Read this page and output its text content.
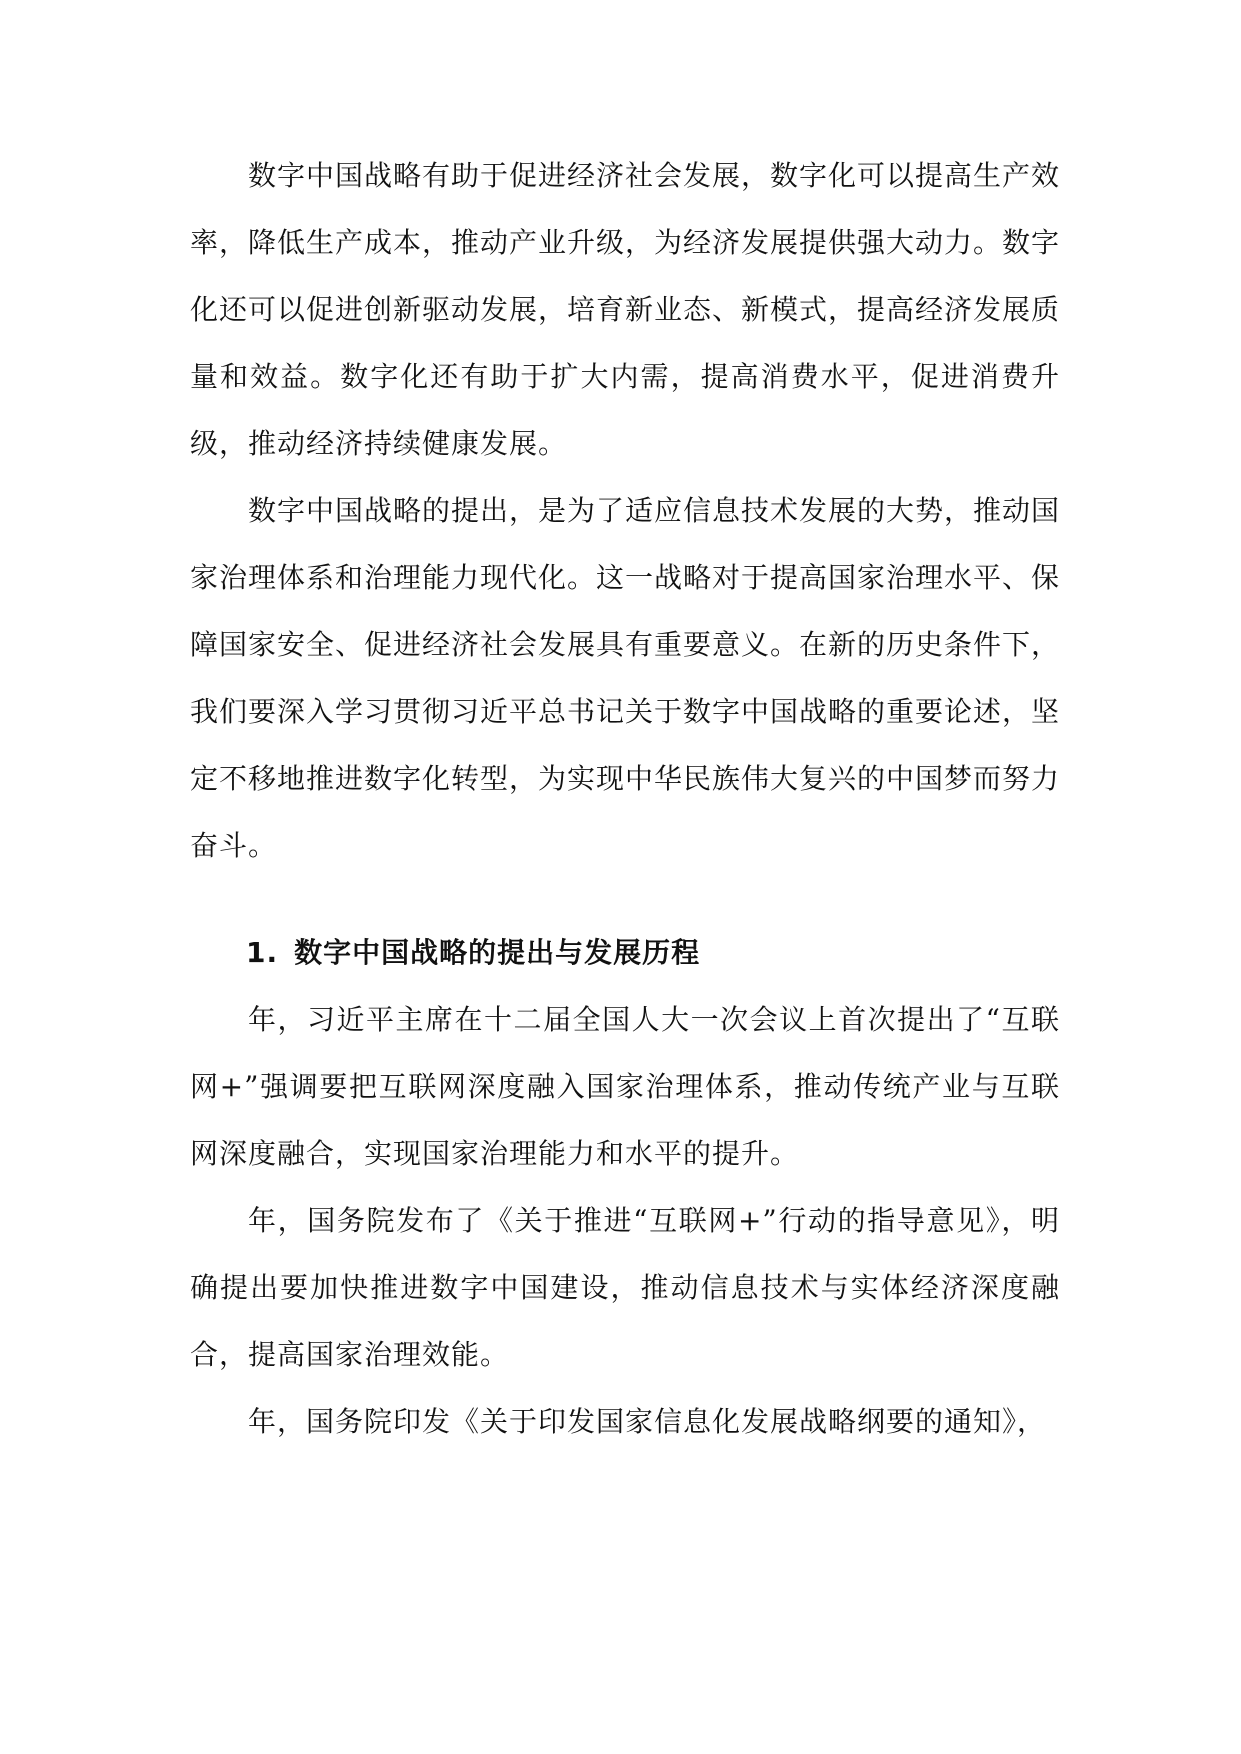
数字中国战略有助于促进经济社会发展，数字化可以提高生产效率，降低生产成本，推动产业升级，为经济发展提供强大动力。数字化还可以促进创新驱动发展，培育新业态、新模式，提高经济发展质量和效益。数字化还有助于扩大内需，提高消费水平，促进消费升级，推动经济持续健康发展。

数字中国战略的提出，是为了适应信息技术发展的大势，推动国家治理体系和治理能力现代化。这一战略对于提高国家治理水平、保障国家安全、促进经济社会发展具有重要意义。在新的历史条件下，我们要深入学习贯彻习近平总书记关于数字中国战略的重要论述，坚定不移地推进数字化转型，为实现中华民族伟大复兴的中国梦而努力奋斗。

1. 数字中国战略的提出与发展历程

年，习近平主席在十二届全国人大一次会议上首次提出了“互联网+”强调要把互联网深度融入国家治理体系，推动传统产业与互联网深度融合，实现国家治理能力和水平的提升。

年，国务院发布了《关于推进“互联网+”行动的指导意见》，明确提出要加快推进数字中国建设，推动信息技术与实体经济深度融合，提高国家治理效能。

年，国务院印发《关于印发国家信息化发展战略纲要的通知》，
